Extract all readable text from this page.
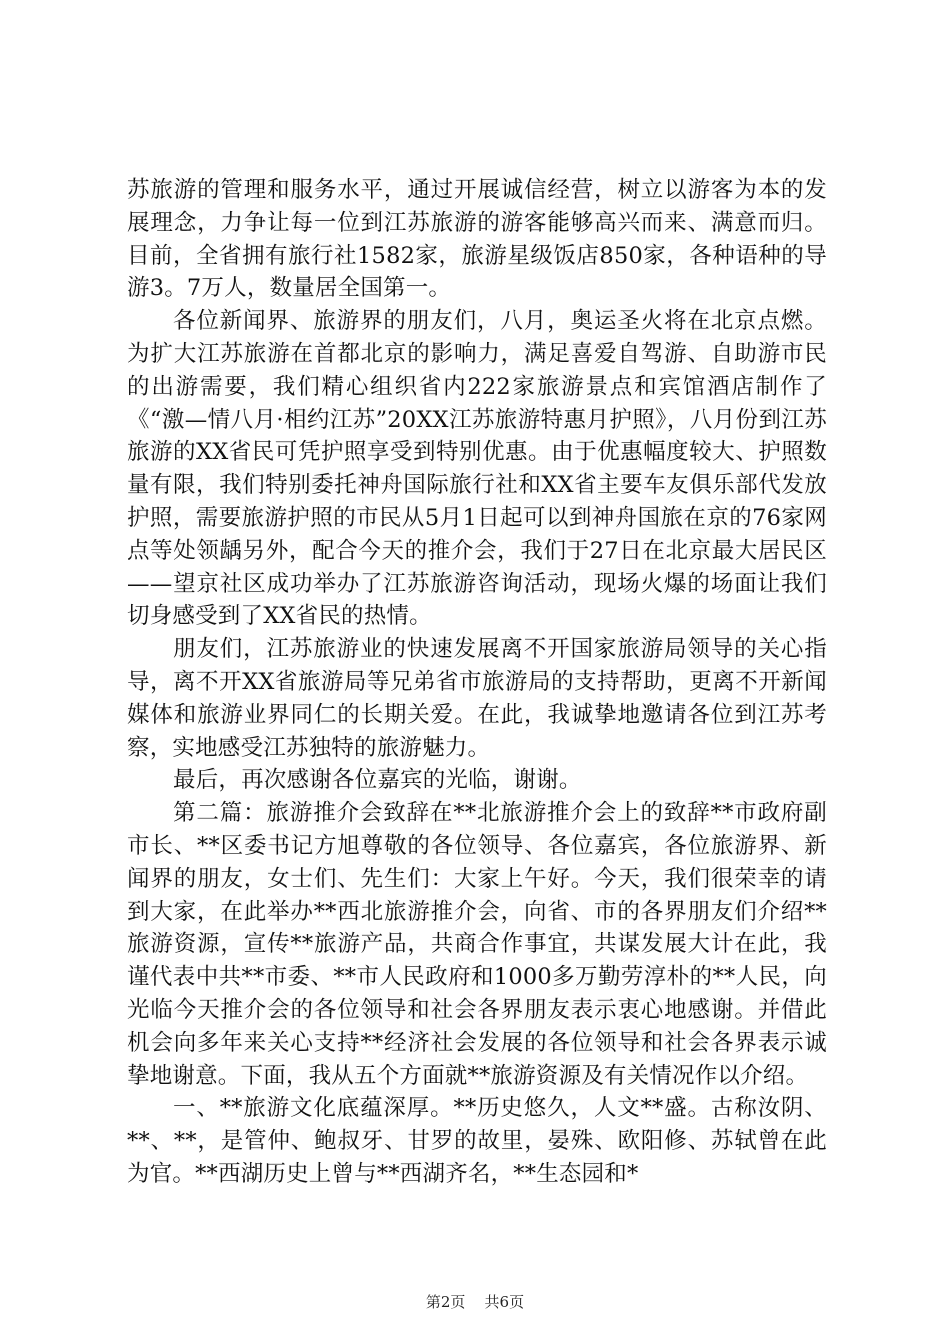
苏旅游的管理和服务水平，通过开展诚信经营，树立以游客为本的发展理念，力争让每一位到江苏旅游的游客能够高兴而来、满意而归。目前，全省拥有旅行社1582家，旅游星级饭店850家，各种语种的导游3。7万人，数量居全国第一。

各位新闻界、旅游界的朋友们，八月，奥运圣火将在北京点燃。为扩大江苏旅游在首都北京的影响力，满足喜爱自驾游、自助游市民的出游需要，我们精心组织省内222家旅游景点和宾馆酒店制作了《“激—情八月·相约江苏”20XX江苏旅游特惠月护照》，八月份到江苏旅游的XX省民可凭护照享受到特别优惠。由于优惠幅度较大、护照数量有限，我们特别委托神舟国际旅行社和XX省主要车友俱乐部代发放护照，需要旅游护照的市民从5月1日起可以到神舟国旅在京的76家网点等处领龋另外，配合今天的推介会，我们于27日在北京最大居民区——望京社区成功举办了江苏旅游咨询活动，现场火爆的场面让我们切身感受到了XX省民的热情。

朋友们，江苏旅游业的快速发展离不开国家旅游局领导的关心指导，离不开XX省旅游局等兄弟省市旅游局的支持帮助，更离不开新闻媒体和旅游业界同仁的长期关爱。在此，我诚挚地邀请各位到江苏考察，实地感受江苏独特的旅游魅力。

最后，再次感谢各位嘉宾的光临，谢谢。

第二篇：旅游推介会致辞在**北旅游推介会上的致辞**市政府副市长、**区委书记方旭尊敬的各位领导、各位嘉宾，各位旅游界、新闻界的朋友，女士们、先生们：大家上午好。今天，我们很荣幸的请到大家，在此举办**西北旅游推介会，向省、市的各界朋友们介绍**旅游资源，宣传**旅游产品，共商合作事宜，共谋发展大计在此，我谨代表中共**市委、**市人民政府和1000多万勤劳淳朴的**人民，向光临今天推介会的各位领导和社会各界朋友表示衷心地感谢。并借此机会向多年来关心支持**经济社会发展的各位领导和社会各界表示诚挚地谢意。下面，我从五个方面就**旅游资源及有关情况作以介绍。

一、**旅游文化底蕴深厚。**历史悠久，人文**盛。古称汝阴、**、**，是管仲、鲍叔牙、甘罗的故里，晏殊、欧阳修、苏轼曾在此为官。**西湖历史上曾与**西湖齐名，**生态园和*

第2页 共6页
